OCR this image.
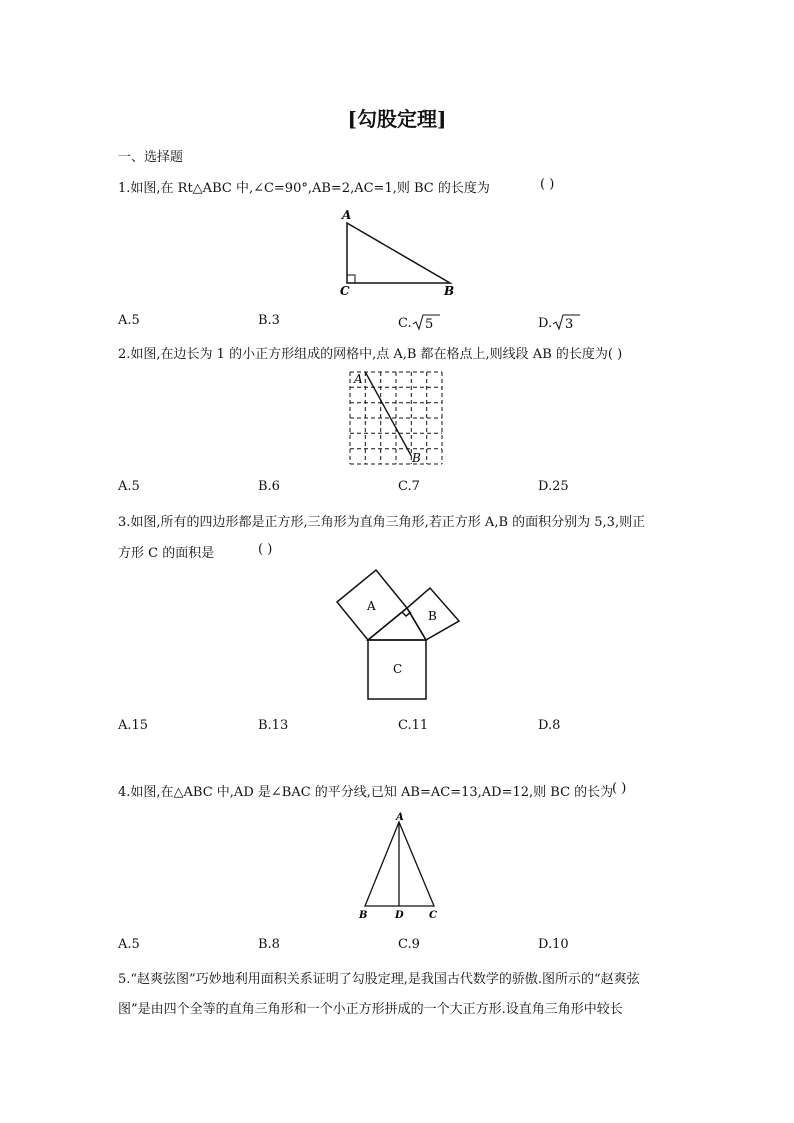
[勾股定理]
一、选择题
1.如图,在 Rt△ABC 中,∠C=90°,AB=2,AC=1,则 BC 的长度为	( )
A
C	B
A.5	B.3	C. 5	D. 3
2.如图,在边长为 1 的小正方形组成的网格中,点 A,B 都在格点上,则线段 AB 的长度为( )
A
B
A.5	B.6	C.7	D.25
3.如图,所有的四边形都是正方形,三角形为直角三角形,若正方形 A,B 的面积分别为 5,3,则正
方形 C 的面积是	( )
A
B
C
A.15	B.13	C.11	D.8
4.如图,在△ABC 中,AD 是∠BAC 的平分线,已知 AB=AC=13,AD=12,则 BC 的长为
( )
A
B	D	C
A.5	B.8	C.9	D.10
5.“赵爽弦图”巧妙地利用面积关系证明了勾股定理,是我国古代数学的骄傲.图所示的“赵爽弦
图”是由四个全等的直角三角形和一个小正方形拼成的一个大正方形.设直角三角形中较长
